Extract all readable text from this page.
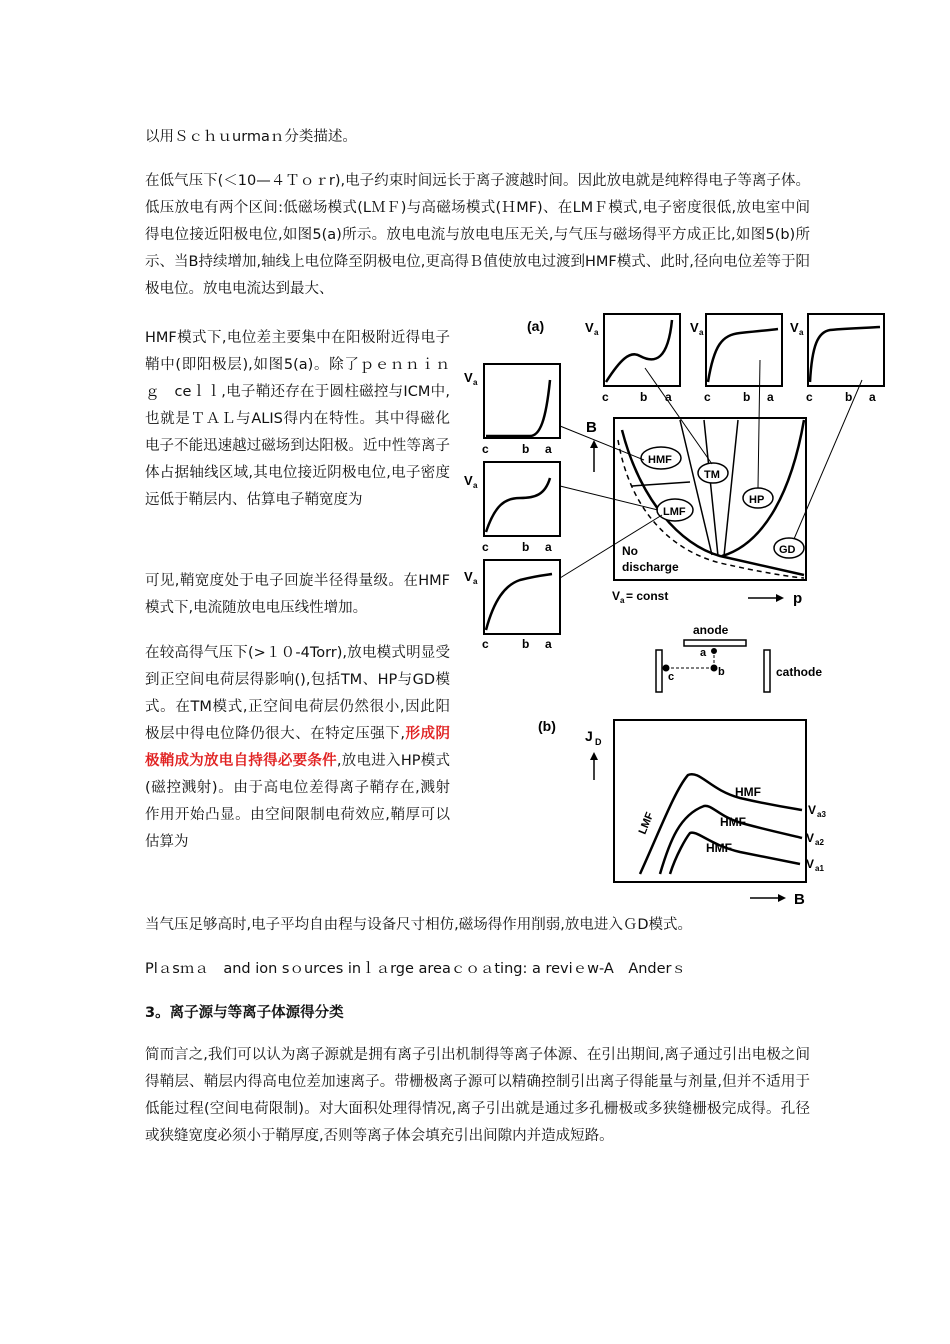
以用Ｓｃｈｕurmaｎ分类描述。

在低气压下(＜10—４Ｔｏｒr),电子约束时间远长于离子渡越时间。因此放电就是纯粹得电子等离子体。低压放电有两个区间:低磁场模式(LＭＦ)与高磁场模式(ＨMF)、在LMＦ模式,电子密度很低,放电室中间得电位接近阳极电位,如图5(a)所示。放电电流与放电电压无关,与气压与磁场得平方成正比,如图5(b)所示、当B持续增加,轴线上电位降至阴极电位,更高得Ｂ值使放电过渡到HMF模式、此时,径向电位差等于阳极电位。放电电流达到最大、

HMF模式下,电位差主要集中在阳极附近得电子鞘中(即阳极层),如图5(a)。除了ｐｅｎｎｉｎｇ　ceｌｌ,电子鞘还存在于圆柱磁控与ICM中,也就是ＴＡＬ与ALIS得内在特性。其中得磁化电子不能迅速越过磁场到达阳极。近中性等离子体占据轴线区域,其电位接近阴极电位,电子密度远低于鞘层内、估算电子鞘宽度为

可见,鞘宽度处于电子回旋半径得量级。在HMF模式下,电流随放电电压线性增加。

在较高得气压下(>１０-4Torr),放电模式明显受到正空间电荷层得影响(),包括TM、HP与GD模式。在TM模式,正空间电荷层仍然很小,因此阳极层中得电位降仍很大、在特定压强下,形成阴极鞘成为放电自持得必要条件,放电进入HP模式(磁控溅射)。由于高电位差得离子鞘存在,溅射作用开始凸显。由空间限制电荷效应,鞘厚可以估算为

当气压足够高时,电子平均自由程与设备尺寸相仿,磁场得作用削弱,放电进入ＧD模式。

Plａsｍａ　and ion sｏurces inｌａrge areaｃｏａting: a reviｅw-A　Anderｓ

3。离子源与等离子体源得分类

简而言之,我们可以认为离子源就是拥有离子引出机制得等离子体源、在引出期间,离子通过引出电极之间得鞘层、鞘层内得高电位差加速离子。带栅极离子源可以精确控制引出离子得能量与剂量,但并不适用于低能过程(空间电荷限制)。对大面积处理得情况,离子引出就是通过多孔栅极或多狭缝栅极完成得。孔径或狭缝宽度必须小于鞘厚度,否则等离子体会填充引出间隙内并造成短路。

(a)	V a
c	b a
V a
c	b a
V a
c	b a
V a
c	b a
V a
c	b a
V a
c	b a
B
HMF
TM
LMF
HP
GD
No
discharge
V a = const	p
anode
cathode
a
b
c
(b)
J D
LMF
HMF
HMF
HMF
V a3
V a2
V a1
B
